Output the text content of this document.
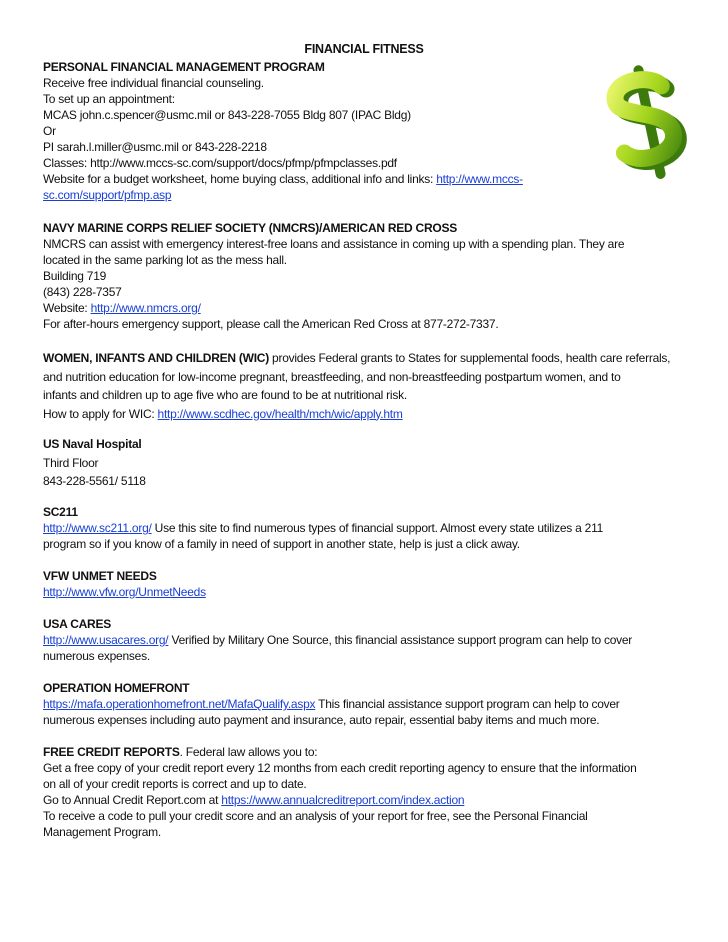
FINANCIAL FITNESS
PERSONAL FINANCIAL MANAGEMENT PROGRAM
Receive free individual financial counseling.
To set up an appointment:
MCAS john.c.spencer@usmc.mil or 843-228-7055 Bldg 807 (IPAC Bldg)
Or
PI sarah.l.miller@usmc.mil or 843-228-2218
Classes: http://www.mccs-sc.com/support/docs/pfmp/pfmpclasses.pdf
Website for a budget worksheet, home buying class, additional info and links: http://www.mccs-
sc.com/support/pfmp.asp
NAVY MARINE CORPS RELIEF SOCIETY (NMCRS)/AMERICAN RED CROSS
NMCRS can assist with emergency interest-free loans and assistance in coming up with a spending plan. They are
located in the same parking lot as the mess hall.
Building 719
(843) 228-7357
Website: http://www.nmcrs.org/
For after-hours emergency support, please call the American Red Cross at 877-272-7337.
WOMEN, INFANTS AND CHILDREN (WIC) provides Federal grants to States for supplemental foods, health care referrals,
and nutrition education for low-income pregnant, breastfeeding, and non-breastfeeding postpartum women, and to
infants and children up to age five who are found to be at nutritional risk.
How to apply for WIC: http://www.scdhec.gov/health/mch/wic/apply.htm
US Naval Hospital
Third Floor
843-228-5561/ 5118
SC211
http://www.sc211.org/ Use this site to find numerous types of financial support. Almost every state utilizes a 211
program so if you know of a family in need of support in another state, help is just a click away.
VFW UNMET NEEDS
http://www.vfw.org/UnmetNeeds
USA CARES
http://www.usacares.org/ Verified by Military One Source, this financial assistance support program can help to cover
numerous expenses.
OPERATION HOMEFRONT
https://mafa.operationhomefront.net/MafaQualify.aspx This financial assistance support program can help to cover
numerous expenses including auto payment and insurance, auto repair, essential baby items and much more.
FREE CREDIT REPORTS. Federal law allows you to:
Get a free copy of your credit report every 12 months from each credit reporting agency to ensure that the information
on all of your credit reports is correct and up to date.
Go to Annual Credit Report.com at https://www.annualcreditreport.com/index.action
To receive a code to pull your credit score and an analysis of your report for free, see the Personal Financial
Management Program.
